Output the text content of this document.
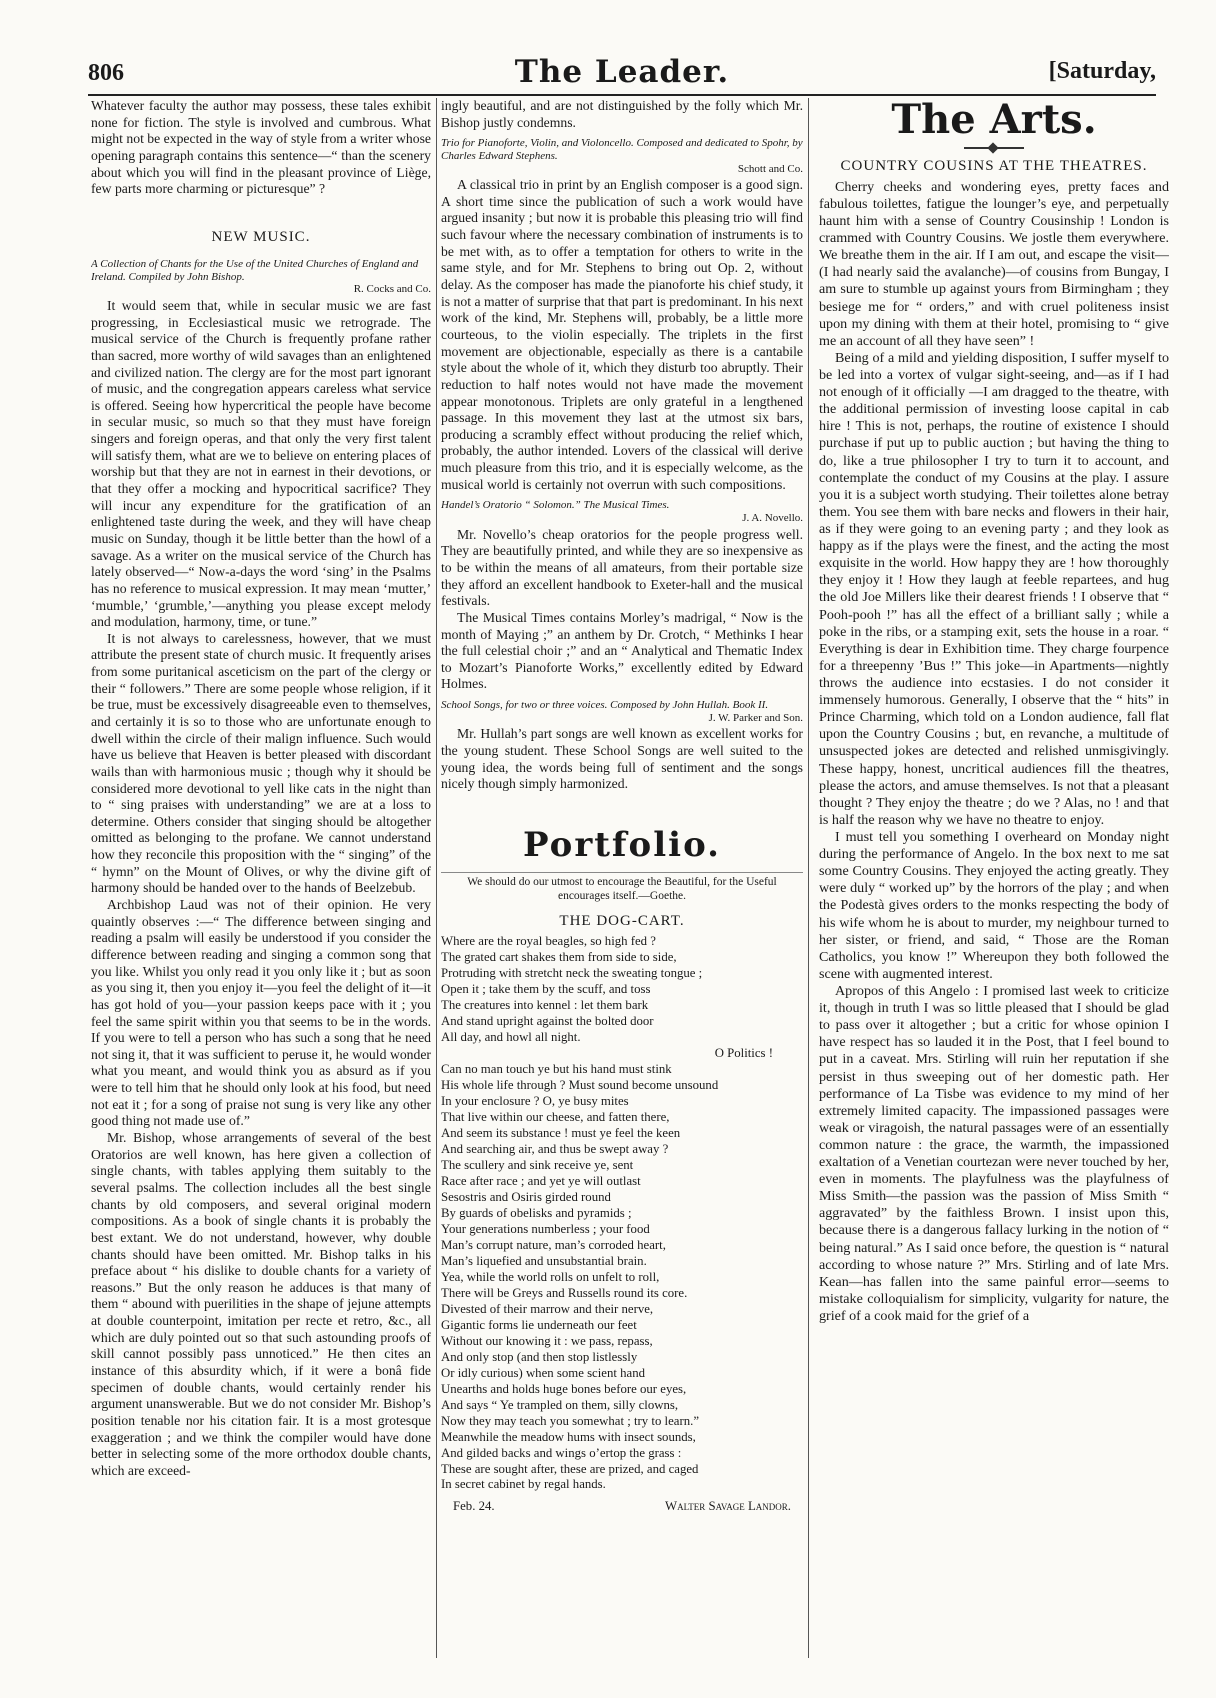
806	The Leader.	[Saturday,

Whatever faculty the author may possess, these tales exhibit none for fiction. The style is involved and cumbrous. What might not be expected in the way of style from a writer whose opening paragraph contains this sentence—“ than the scenery about which you will find in the pleasant province of Liège, few parts more charming or picturesque” ?

NEW MUSIC.
A Collection of Chants for the Use of the United Churches of England and Ireland. Compiled by John Bishop.
R. Cocks and Co.

It would seem that, while in secular music we are fast progressing, in Ecclesiastical music we retrograde. The musical service of the Church is frequently profane rather than sacred, more worthy of wild savages than an enlightened and civilized nation. The clergy are for the most part ignorant of music, and the congregation appears careless what service is offered. Seeing how hypercritical the people have become in secular music, so much so that they must have foreign singers and foreign operas, and that only the very first talent will satisfy them, what are we to believe on entering places of worship but that they are not in earnest in their devotions, or that they offer a mocking and hypocritical sacrifice? They will incur any expenditure for the gratification of an enlightened taste during the week, and they will have cheap music on Sunday, though it be little better than the howl of a savage. As a writer on the musical service of the Church has lately observed—“ Now-a-days the word ‘sing’ in the Psalms has no reference to musical expression. It may mean ‘mutter,’ ‘mumble,’ ‘grumble,’—anything you please except melody and modulation, harmony, time, or tune.”

It is not always to carelessness, however, that we must attribute the present state of church music. It frequently arises from some puritanical asceticism on the part of the clergy or their “ followers.” There are some people whose religion, if it be true, must be excessively disagreeable even to themselves, and certainly it is so to those who are unfortunate enough to dwell within the circle of their malign influence. Such would have us believe that Heaven is better pleased with discordant wails than with harmonious music ; though why it should be considered more devotional to yell like cats in the night than to “ sing praises with understanding” we are at a loss to determine. Others consider that singing should be altogether omitted as belonging to the profane. We cannot understand how they reconcile this proposition with the “ singing” of the “ hymn” on the Mount of Olives, or why the divine gift of harmony should be handed over to the hands of Beelzebub.

Archbishop Laud was not of their opinion. He very quaintly observes :—“ The difference between singing and reading a psalm will easily be understood if you consider the difference between reading and singing a common song that you like. Whilst you only read it you only like it ; but as soon as you sing it, then you enjoy it—you feel the delight of it—it has got hold of you—your passion keeps pace with it ; you feel the same spirit within you that seems to be in the words. If you were to tell a person who has such a song that he need not sing it, that it was sufficient to peruse it, he would wonder what you meant, and would think you as absurd as if you were to tell him that he should only look at his food, but need not eat it ; for a song of praise not sung is very like any other good thing not made use of.”

Mr. Bishop, whose arrangements of several of the best Oratorios are well known, has here given a collection of single chants, with tables applying them suitably to the several psalms. The collection includes all the best single chants by old composers, and several original modern compositions. As a book of single chants it is probably the best extant. We do not understand, however, why double chants should have been omitted. Mr. Bishop talks in his preface about “ his dislike to double chants for a variety of reasons.” But the only reason he adduces is that many of them “ abound with puerilities in the shape of jejune attempts at double counterpoint, imitation per recte et retro, &c., all which are duly pointed out so that such astounding proofs of skill cannot possibly pass unnoticed.” He then cites an instance of this absurdity which, if it were a bonâ fide specimen of double chants, would certainly render his argument unanswerable. But we do not consider Mr. Bishop’s position tenable nor his citation fair. It is a most grotesque exaggeration ; and we think the compiler would have done better in selecting some of the more orthodox double chants, which are exceed-

ingly beautiful, and are not distinguished by the folly which Mr. Bishop justly condemns.

Trio for Pianoforte, Violin, and Violoncello. Composed and dedicated to Spohr, by Charles Edward Stephens.
Schott and Co.

A classical trio in print by an English composer is a good sign. A short time since the publication of such a work would have argued insanity ; but now it is probable this pleasing trio will find such favour where the necessary combination of instruments is to be met with, as to offer a temptation for others to write in the same style, and for Mr. Stephens to bring out Op. 2, without delay. As the composer has made the pianoforte his chief study, it is not a matter of surprise that that part is predominant. In his next work of the kind, Mr. Stephens will, probably, be a little more courteous, to the violin especially. The triplets in the first movement are objectionable, especially as there is a cantabile style about the whole of it, which they disturb too abruptly. Their reduction to half notes would not have made the movement appear monotonous. Triplets are only grateful in a lengthened passage. In this movement they last at the utmost six bars, producing a scrambly effect without producing the relief which, probably, the author intended. Lovers of the classical will derive much pleasure from this trio, and it is especially welcome, as the musical world is certainly not overrun with such compositions.

Handel’s Oratorio “ Solomon.” The Musical Times.
J. A. Novello.

Mr. Novello’s cheap oratorios for the people progress well. They are beautifully printed, and while they are so inexpensive as to be within the means of all amateurs, from their portable size they afford an excellent handbook to Exeter-hall and the musical festivals.

The Musical Times contains Morley’s madrigal, “ Now is the month of Maying ;” an anthem by Dr. Crotch, “ Methinks I hear the full celestial choir ;” and an “ Analytical and Thematic Index to Mozart’s Pianoforte Works,” excellently edited by Edward Holmes.

School Songs, for two or three voices. Composed by John Hullah. Book II.
J. W. Parker and Son.

Mr. Hullah’s part songs are well known as excellent works for the young student. These School Songs are well suited to the young idea, the words being full of sentiment and the songs nicely though simply harmonized.

Portfolio.
We should do our utmost to encourage the Beautiful, for the Useful encourages itself.—Goethe.
THE DOG-CART.
Where are the royal beagles, so high fed ?
The grated cart shakes them from side to side,
Protruding with stretcht neck the sweating tongue ;
Open it ; take them by the scuff, and toss
The creatures into kennel : let them bark
And stand upright against the bolted door
All day, and howl all night.
O Politics !
Can no man touch ye but his hand must stink
His whole life through ? Must sound become unsound
In your enclosure ? O, ye busy mites
That live within our cheese, and fatten there,
And seem its substance ! must ye feel the keen
And searching air, and thus be swept away ?
The scullery and sink receive ye, sent
Race after race ; and yet ye will outlast
Sesostris and Osiris girded round
By guards of obelisks and pyramids ;
Your generations numberless ; your food
Man’s corrupt nature, man’s corroded heart,
Man’s liquefied and unsubstantial brain.
Yea, while the world rolls on unfelt to roll,
There will be Greys and Russells round its core.
Divested of their marrow and their nerve,
Gigantic forms lie underneath our feet
Without our knowing it : we pass, repass,
And only stop (and then stop listlessly
Or idly curious) when some scient hand
Unearths and holds huge bones before our eyes,
And says “ Ye trampled on them, silly clowns,
Now they may teach you somewhat ; try to learn.”
Meanwhile the meadow hums with insect sounds,
And gilded backs and wings o’ertop the grass :
These are sought after, these are prized, and caged
In secret cabinet by regal hands.
Feb. 24.	Walter Savage Landor.
The Arts.
COUNTRY COUSINS AT THE THEATRES.

Cherry cheeks and wondering eyes, pretty faces and fabulous toilettes, fatigue the lounger’s eye, and perpetually haunt him with a sense of Country Cousinship ! London is crammed with Country Cousins. We jostle them everywhere. We breathe them in the air. If I am out, and escape the visit—(I had nearly said the avalanche)—of cousins from Bungay, I am sure to stumble up against yours from Birmingham ; they besiege me for “ orders,” and with cruel politeness insist upon my dining with them at their hotel, promising to “ give me an account of all they have seen” !

Being of a mild and yielding disposition, I suffer myself to be led into a vortex of vulgar sight-seeing, and—as if I had not enough of it officially —I am dragged to the theatre, with the additional permission of investing loose capital in cab hire ! This is not, perhaps, the routine of existence I should purchase if put up to public auction ; but having the thing to do, like a true philosopher I try to turn it to account, and contemplate the conduct of my Cousins at the play. I assure you it is a subject worth studying. Their toilettes alone betray them. You see them with bare necks and flowers in their hair, as if they were going to an evening party ; and they look as happy as if the plays were the finest, and the acting the most exquisite in the world. How happy they are ! how thoroughly they enjoy it ! How they laugh at feeble repartees, and hug the old Joe Millers like their dearest friends ! I observe that “ Pooh-pooh !” has all the effect of a brilliant sally ; while a poke in the ribs, or a stamping exit, sets the house in a roar. “ Everything is dear in Exhibition time. They charge fourpence for a threepenny ’Bus !” This joke—in Apartments—nightly throws the audience into ecstasies. I do not consider it immensely humorous. Generally, I observe that the “ hits” in Prince Charming, which told on a London audience, fall flat upon the Country Cousins ; but, en revanche, a multitude of unsuspected jokes are detected and relished unmisgivingly. These happy, honest, uncritical audiences fill the theatres, please the actors, and amuse themselves. Is not that a pleasant thought ? They enjoy the theatre ; do we ? Alas, no ! and that is half the reason why we have no theatre to enjoy.

I must tell you something I overheard on Monday night during the performance of Angelo. In the box next to me sat some Country Cousins. They enjoyed the acting greatly. They were duly “ worked up” by the horrors of the play ; and when the Podestà gives orders to the monks respecting the body of his wife whom he is about to murder, my neighbour turned to her sister, or friend, and said, “ Those are the Roman Catholics, you know !” Whereupon they both followed the scene with augmented interest.

Apropos of this Angelo : I promised last week to criticize it, though in truth I was so little pleased that I should be glad to pass over it altogether ; but a critic for whose opinion I have respect has so lauded it in the Post, that I feel bound to put in a caveat. Mrs. Stirling will ruin her reputation if she persist in thus sweeping out of her domestic path. Her performance of La Tisbe was evidence to my mind of her extremely limited capacity. The impassioned passages were weak or viragoish, the natural passages were of an essentially common nature : the grace, the warmth, the impassioned exaltation of a Venetian courtezan were never touched by her, even in moments. The playfulness was the playfulness of Miss Smith—the passion was the passion of Miss Smith “ aggravated” by the faithless Brown. I insist upon this, because there is a dangerous fallacy lurking in the notion of “ being natural.” As I said once before, the question is “ natural according to whose nature ?” Mrs. Stirling and of late Mrs. Kean—has fallen into the same painful error—seems to mistake colloquialism for simplicity, vulgarity for nature, the grief of a cook maid for the grief of a
